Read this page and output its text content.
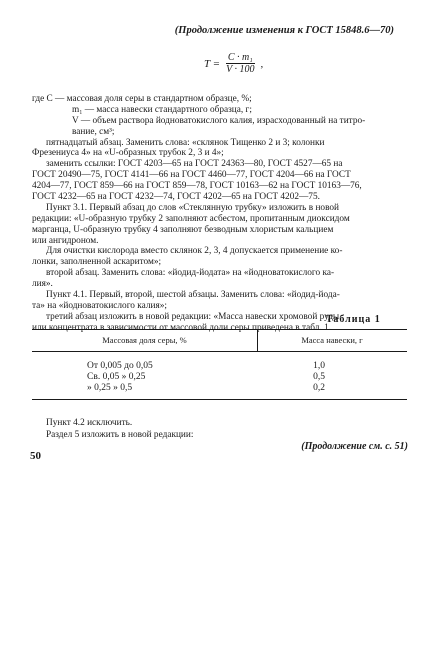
(Продолжение изменения к ГОСТ 15848.6—70)
$T = \frac{\text{C · m₁}}{V \cdot 100}$ ,
где C — массовая доля серы в стандартном образце, %;
m₁ — масса навески стандартного образца, г;
V — объем раствора йодноватокислого калия, израсходованный на титро-
вание, см³;
пятнадцатый абзац. Заменить слова: «склянок Тищенко 2 и 3; колонки
Фрезениуса 4» на «U-образных трубок 2, 3 и 4»;
заменить ссылки: ГОСТ 4203—65 на ГОСТ 24363—80, ГОСТ 4527—65 на
ГОСТ 20490—75, ГОСТ 4141—66 на ГОСТ 4460—77, ГОСТ 4204—66 на ГОСТ
4204—77, ГОСТ 859—66 на ГОСТ 859—78, ГОСТ 10163—62 на ГОСТ 10163—76,
ГОСТ 4232—65 на ГОСТ 4232—74, ГОСТ 4202—65 на ГОСТ 4202—75.
Пункт 3.1. Первый абзац до слов «Стеклянную трубку» изложить в новой
редакции: «U-образную трубку 2 заполняют асбестом, пропитанным диоксидом
марганца, U-образную трубку 4 заполняют безводным хлористым кальцием
или ангидроном.
Для очистки кислорода вместо склянок 2, 3, 4 допускается применение ко-
лонки, заполненной аскаритом»;
второй абзац. Заменить слова: «йодид-йодата» на «йодноватокислого ка-
лия».
Пункт 4.1. Первый, второй, шестой абзацы. Заменить слова: «йодид-йода-
та» на «йодноватокислого калия»;
третий абзац изложить в новой редакции: «Масса навески хромовой руды
или концентрата в зависимости от массовой доли серы приведена в табл. 1.
Таблица 1
Массовая доля серы, %	Масса навески, г
От 0,005 до 0,05	1,0
Св. 0,05 » 0,25	0,5
» 0,25 » 0,5	0,2
Пункт 4.2 исключить.
Раздел 5 изложить в новой редакции:
(Продолжение см. с. 51)
50
